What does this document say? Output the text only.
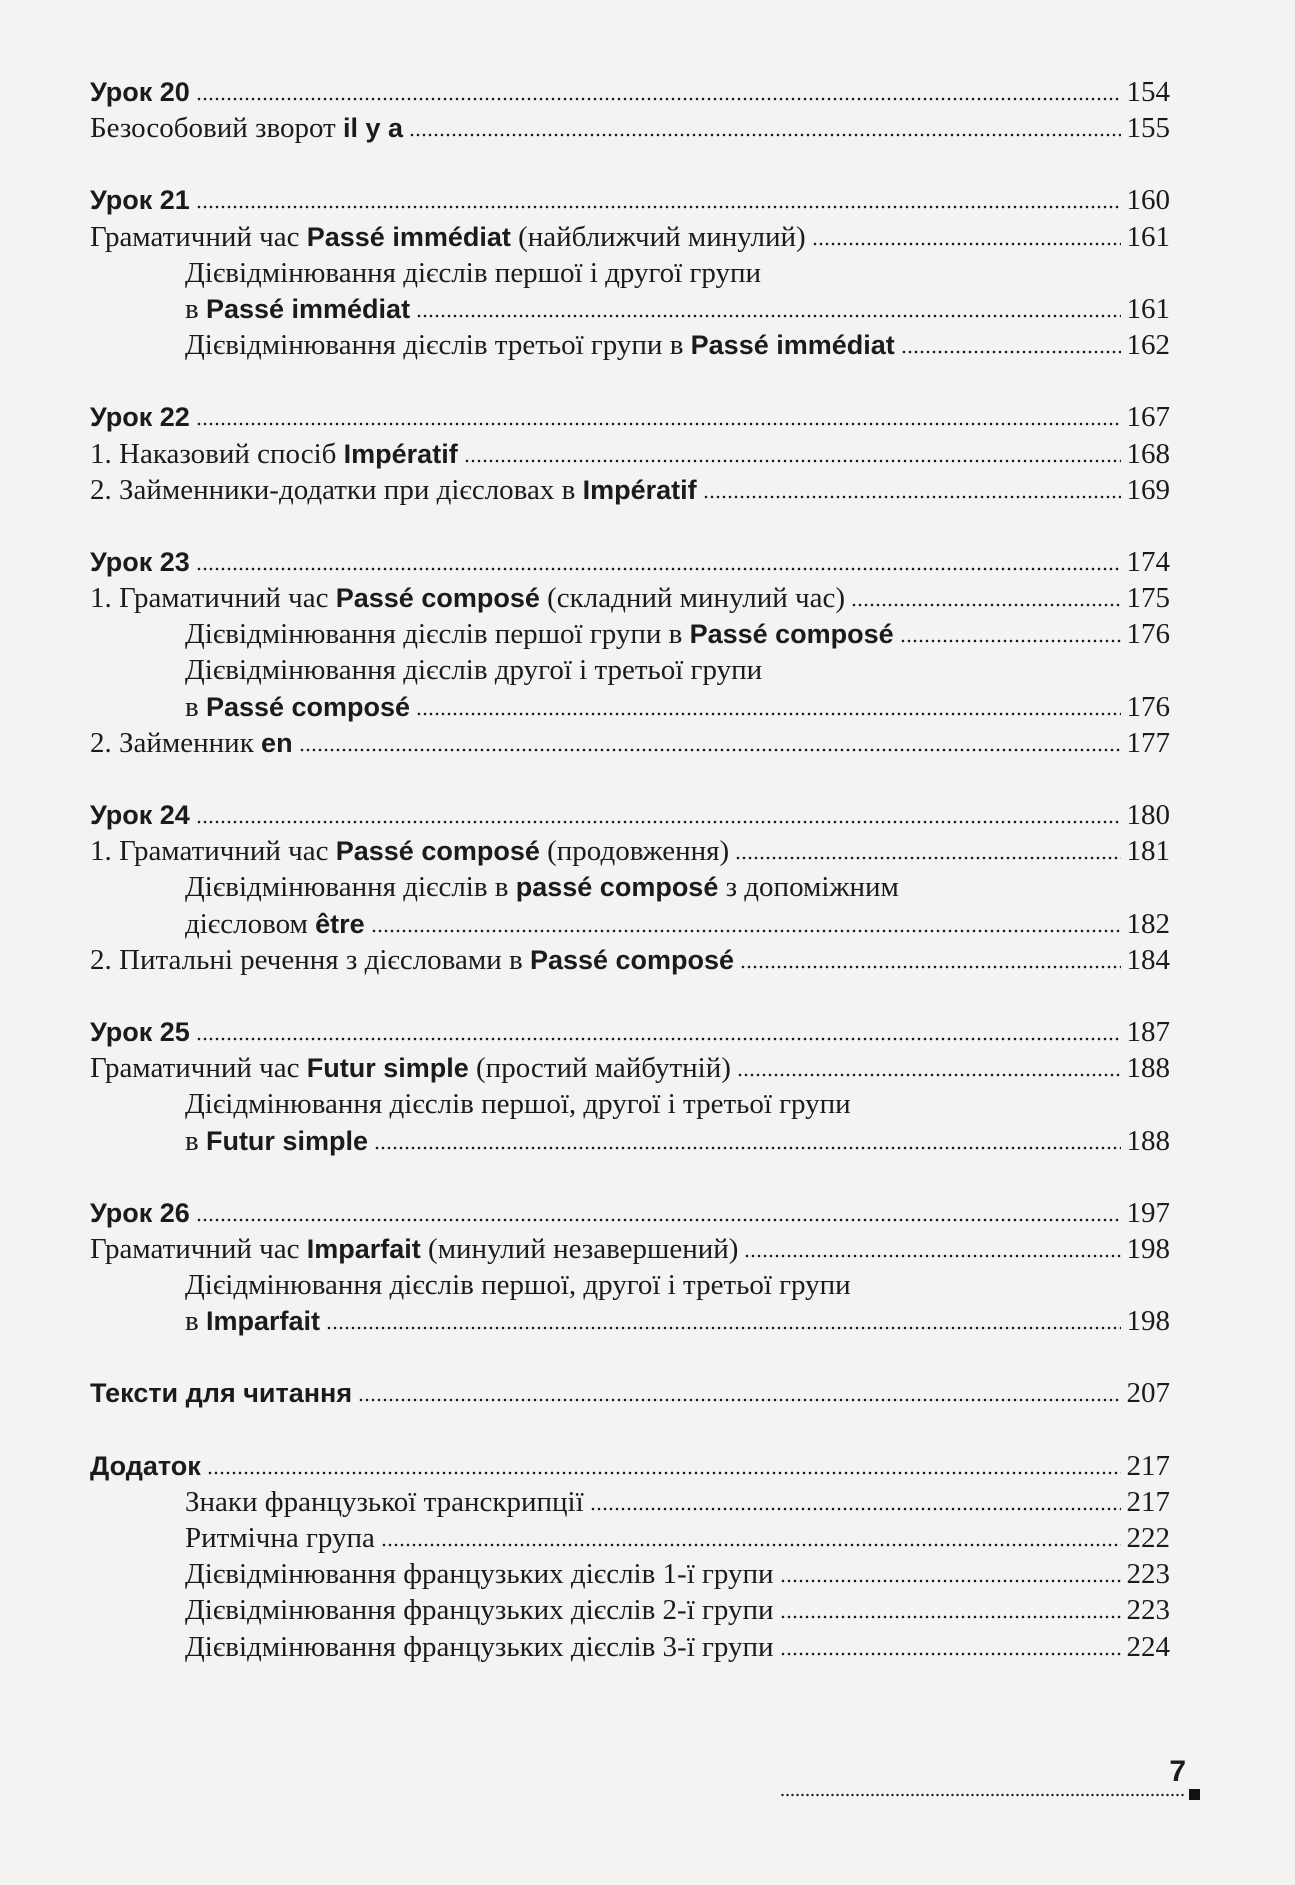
Урок 20	154
Безособовий зворот il y a	155
Урок 21	160
Граматичний час Passé immédiat (найближчий минулий)	161
Дієвідмінювання дієслів першої і другої групи
в Passé immédiat	161
Дієвідмінювання дієслів третьої групи в Passé immédiat	162
Урок 22	167
1. Наказовий спосіб Impératif	168
2. Займенники-додатки при дієсловах в Impératif	169
Урок 23	174
1. Граматичний час Passé composé (складний минулий час)	175
Дієвідмінювання дієслів першої групи в Passé composé	176
Дієвідмінювання дієслів другої і третьої групи
в Passé composé	176
2. Займенник en	177
Урок 24	180
1. Граматичний час Passé composé (продовження)	181
Дієвідмінювання дієслів в passé composé з допоміжним
дієсловом être	182
2. Питальні речення з дієсловами в Passé composé	184
Урок 25	187
Граматичний час Futur simple (простий майбутній)	188
Дієідмінювання дієслів першої, другої і третьої групи
в Futur simple	188
Урок 26	197
Граматичний час Imparfait (минулий незавершений)	198
Дієідмінювання дієслів першої, другої і третьої групи
в Imparfait	198
Тексти для читання	207
Додаток	217
Знаки французької транскрипції	217
Ритмічна група	222
Дієвідмінювання французьких дієслів 1-ї групи	223
Дієвідмінювання французьких дієслів 2-ї групи	223
Дієвідмінювання французьких дієслів 3-ї групи	224
7
